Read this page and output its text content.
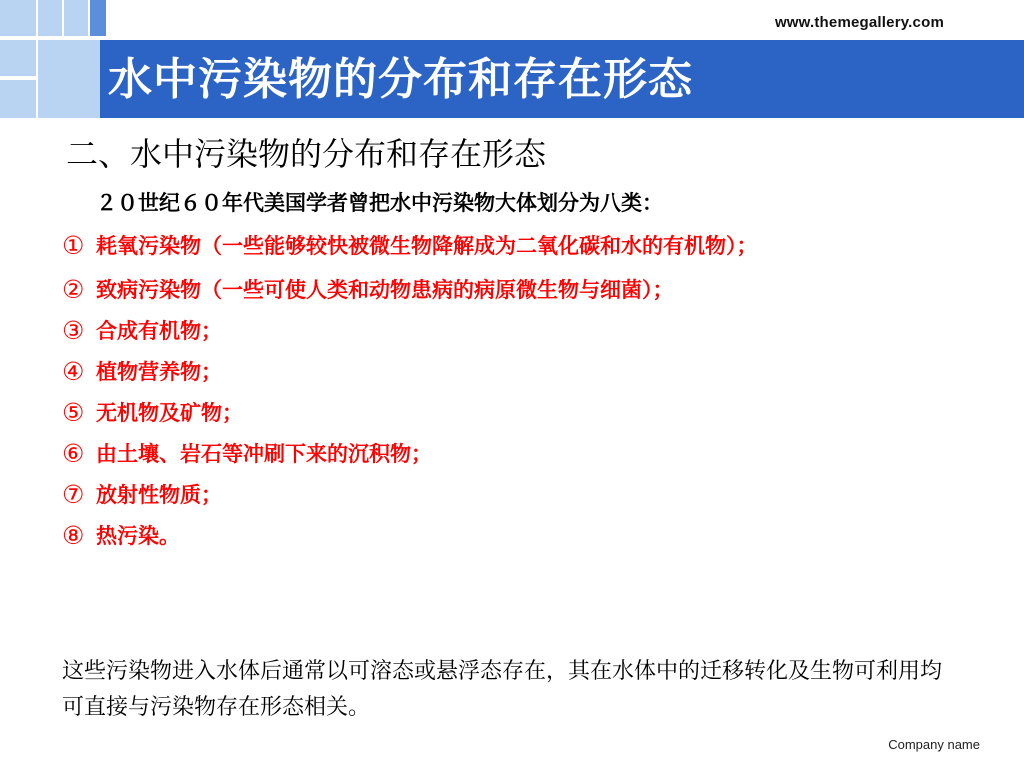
www.themegallery.com
水中污染物的分布和存在形态
二、水中污染物的分布和存在形态
２０世纪６０年代美国学者曾把水中污染物大体划分为八类：
① 耗氧污染物（一些能够较快被微生物降解成为二氧化碳和水的有机物）；
② 致病污染物（一些可使人类和动物患病的病原微生物与细菌）；
③ 合成有机物；
④ 植物营养物；
⑤ 无机物及矿物；
⑥ 由土壤、岩石等冲刷下来的沉积物；
⑦ 放射性物质；
⑧ 热污染。
这些污染物进入水体后通常以可溶态或悬浮态存在，其在水体中的迁移转化及生物可利用均可直接与污染物存在形态相关。
Company name
